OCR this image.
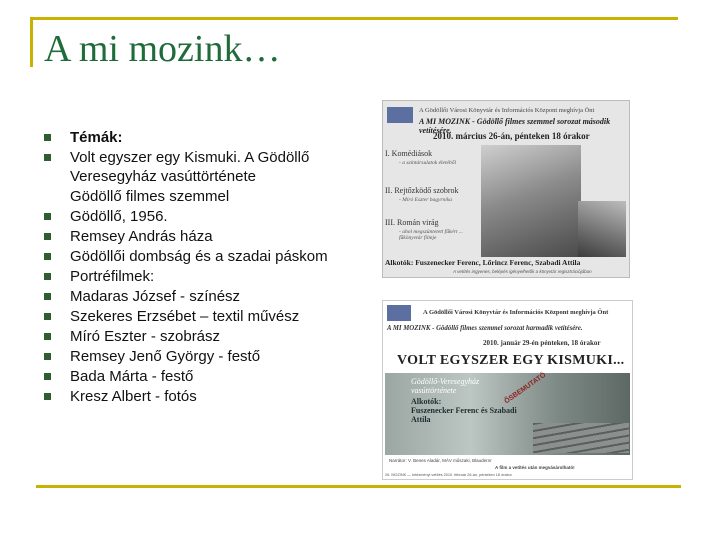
A mi mozink…
Témák:
Volt egyszer egy Kismuki. A Gödöllő Veresegyház vasúttörténete
Gödöllő filmes szemmel
Gödöllő, 1956.
Remsey András háza
Gödöllői dombság és a szadai páskom
Portréfilmek:
Madaras József - színész
Szekeres Erzsébet – textil művész
Míró Eszter - szobrász
Remsey Jenő György - festő
Bada Márta - festő
Kresz Albert - fotós
A Gödöllői Városi Könyvtár és Információs Központ meghívja Önt
A MI MOZINK - Gödöllő filmes szemmel sorozat második vetítésére.
2010. március 26-án, pénteken 18 órakor
I. Komédiások
- a színtársulatok életéből
II. Rejtőzködő szobrok
- Míró Eszter bagyrnika
III. Román virág
- ahol megszüntetett fűkért ... fűkönyvtár filmje
Alkotók: Fuszenecker Ferenc, Lőrincz Ferenc, Szabadi Attila
A vetítés ingyenes, belépés igényelhetők a könyvtár regisztrációjában
A Gödöllői Városi Könyvtár és Információs Központ meghívja Önt
A MI MOZINK - Gödöllő filmes szemmel sorozat harmadik vetítésére.
2010. január 29-én pénteken, 18 órakor
VOLT EGYSZER EGY KISMUKI...
Gödöllő-Veresegyház
vasúttörténete
Alkotók:
Fuszenecker Ferenc és Szabadi Attila
ŐSBEMUTATÓ
Narrátor: V. Benes Aladár, MÁV műszaki, Blaudernr
A film a vetítés után megvásárolható!
26. MOZINK — Intézményi vetítés 2010. február 26-án, pénteken 18 órakor
